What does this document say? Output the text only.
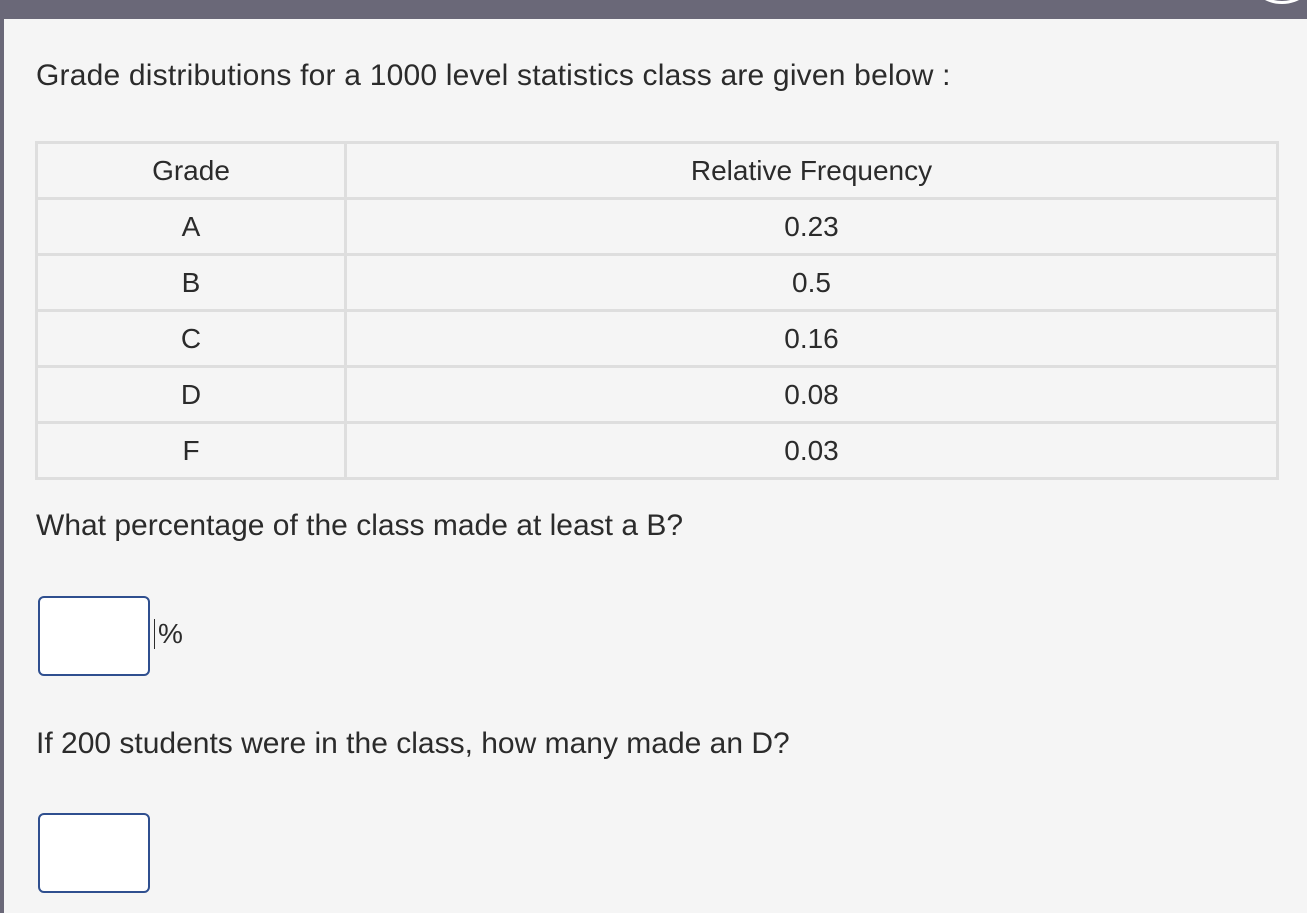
Grade distributions for a 1000 level statistics class are given below :
Grade	Relative Frequency
A	0.23
B	0.5
C	0.16
D	0.08
F	0.03
What percentage of the class made at least a B?
%
If 200 students were in the class, how many made an D?
